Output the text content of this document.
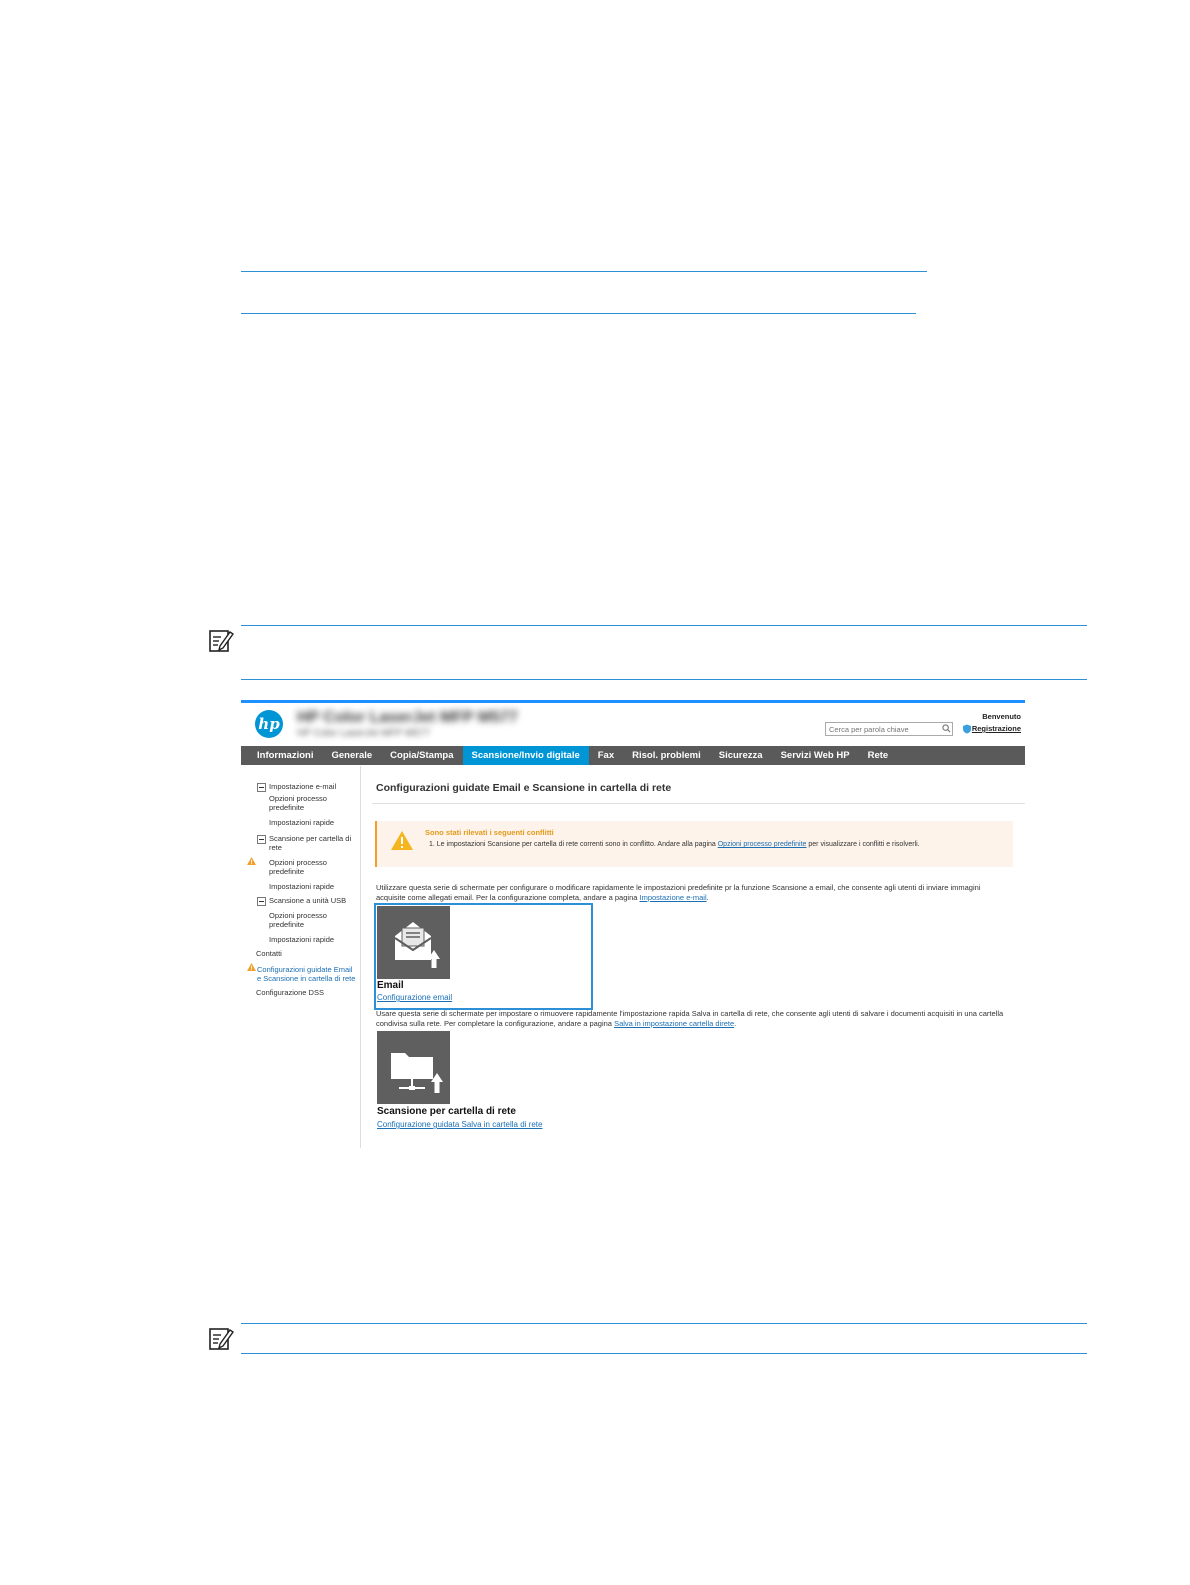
hp HP Color LaserJet MFP M577
HP Color LaserJet MFP M577
Cerca per parola chiave
Benvenuto
Registrazione
Informazioni	Generale	Copia/Stampa	Scansione/Invio digitale	Fax	Risol. problemi	Sicurezza	Servizi Web HP	Rete
Impostazione e-mail
Opzioni processo predefinite
Impostazioni rapide
Scansione per cartella di rete
Opzioni processo predefinite
Impostazioni rapide
Scansione a unità USB
Opzioni processo predefinite
Impostazioni rapide
Contatti
Configurazioni guidate Email e Scansione in cartella di rete
Configurazione DSS
Configurazioni guidate Email e Scansione in cartella di rete
Sono stati rilevati i seguenti conflitti
1. Le impostazioni Scansione per cartella di rete correnti sono in conflitto. Andare alla pagina Opzioni processo predefinite per visualizzare i conflitti e risolverli.
Utilizzare questa serie di schermate per configurare o modificare rapidamente le impostazioni predefinite pr la funzione Scansione a email, che consente agli utenti di inviare immagini acquisite come allegati email. Per la configurazione completa, andare a pagina Impostazione e-mail.
Email
Configurazione email
Usare questa serie di schermate per impostare o rimuovere rapidamente l'impostazione rapida Salva in cartella di rete, che consente agli utenti di salvare i documenti acquisiti in una cartella condivisa sulla rete. Per completare la configurazione, andare a pagina Salva in impostazione cartella direte.
Scansione per cartella di rete
Configurazione guidata Salva in cartella di rete
